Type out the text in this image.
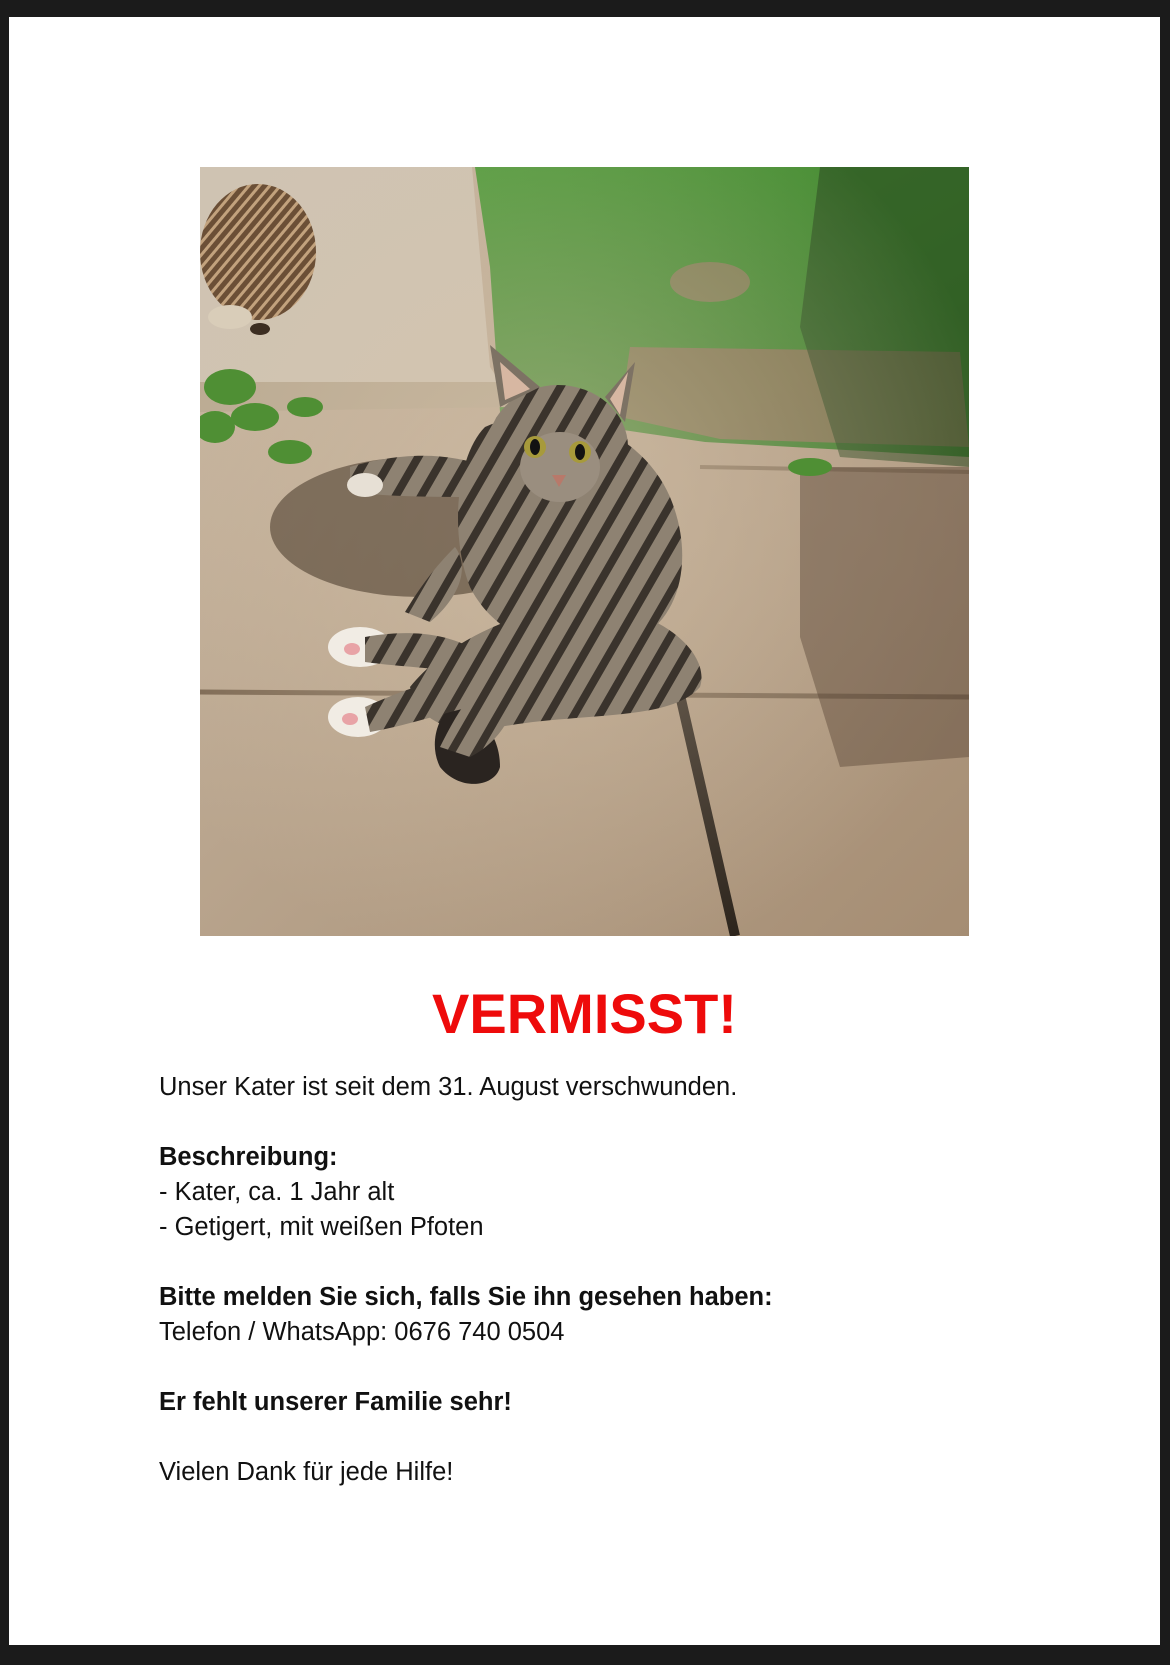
VERMISST!

Unser Kater ist seit dem 31. August verschwunden.

Beschreibung:

- Kater, ca. 1 Jahr alt

- Getigert, mit weißen Pfoten

Bitte melden Sie sich, falls Sie ihn gesehen haben:

Telefon / WhatsApp: 0676 740 0504

Er fehlt unserer Familie sehr!

Vielen Dank für jede Hilfe!
